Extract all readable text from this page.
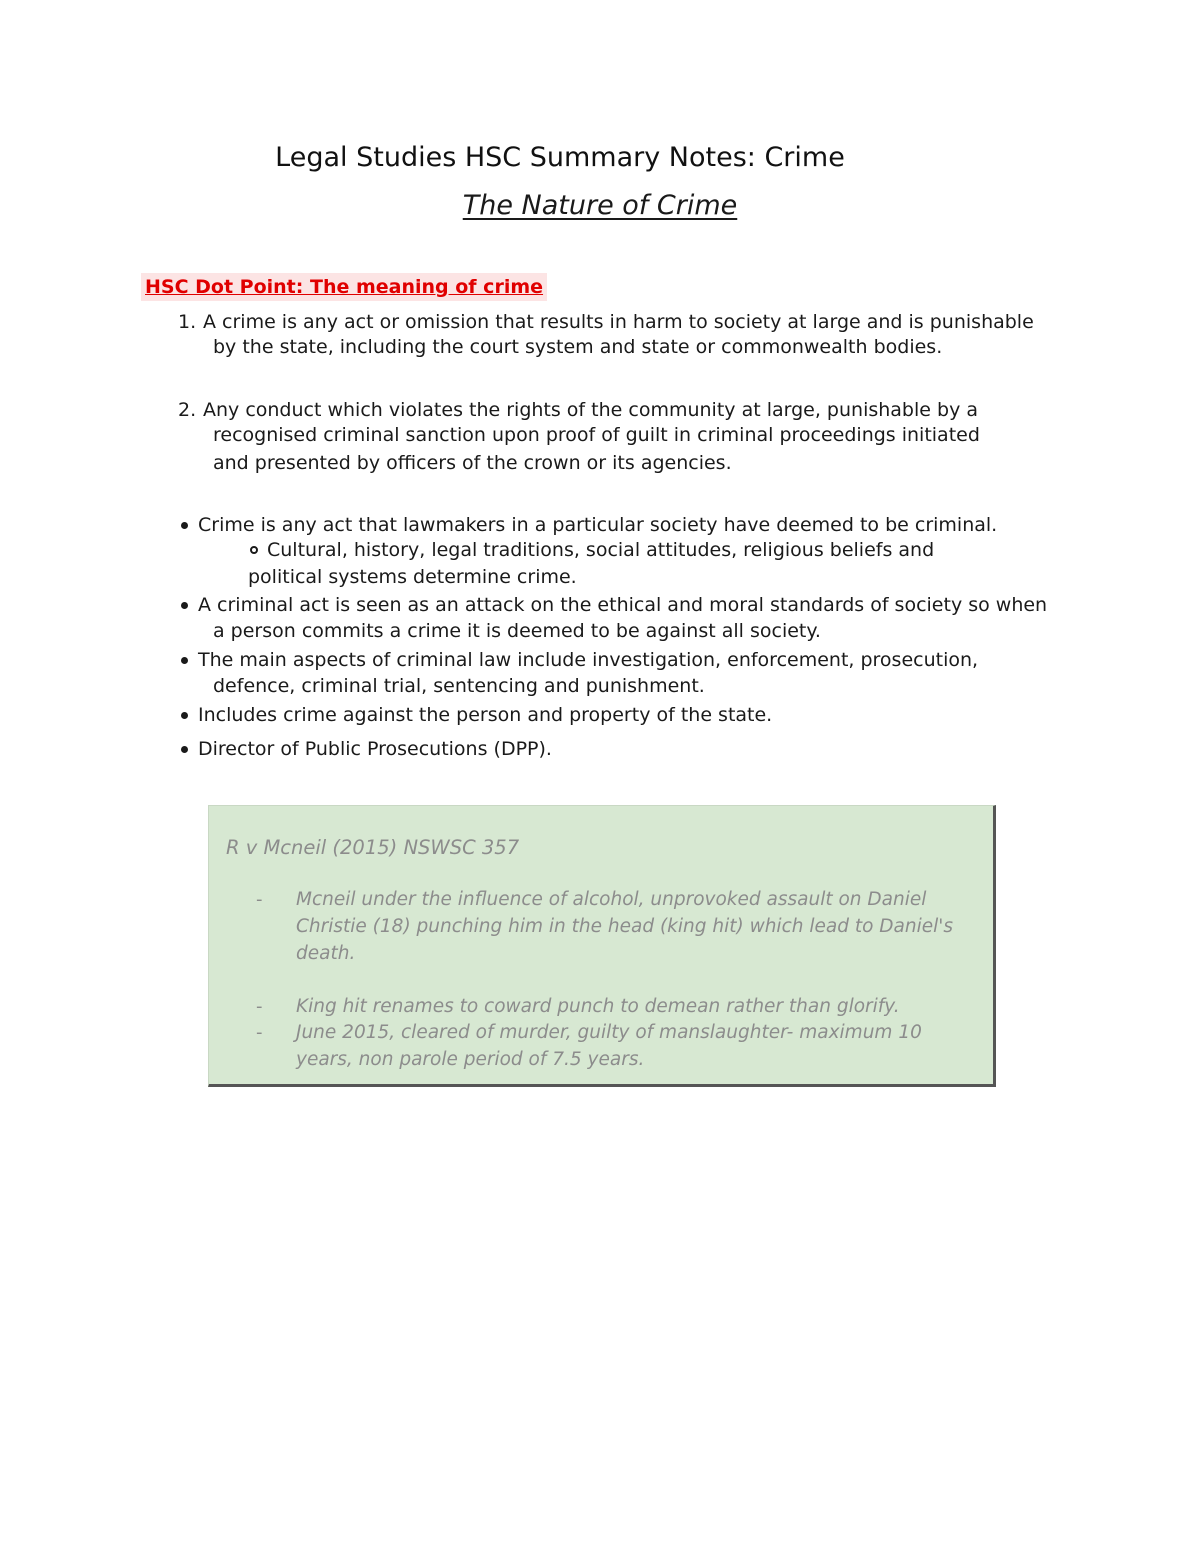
Legal Studies HSC Summary Notes: Crime
The Nature of Crime
HSC Dot Point: The meaning of crime
1. A crime is any act or omission that results in harm to society at large and is punishable
by the state, including the court system and state or commonwealth bodies.
2. Any conduct which violates the rights of the community at large, punishable by a
recognised criminal sanction upon proof of guilt in criminal proceedings initiated
and presented by officers of the crown or its agencies.
Crime is any act that lawmakers in a particular society have deemed to be criminal.
Cultural, history, legal traditions, social attitudes, religious beliefs and
political systems determine crime.
A criminal act is seen as an attack on the ethical and moral standards of society so when
a person commits a crime it is deemed to be against all society.
The main aspects of criminal law include investigation, enforcement, prosecution,
defence, criminal trial, sentencing and punishment.
Includes crime against the person and property of the state.
Director of Public Prosecutions (DPP).
R v Mcneil (2015) NSWSC 357
- Mcneil under the influence of alcohol, unprovoked assault on Daniel
Christie (18) punching him in the head (king hit) which lead to Daniel's
death.
- King hit renames to coward punch to demean rather than glorify.
- June 2015, cleared of murder, guilty of manslaughter- maximum 10
years, non parole period of 7.5 years.
